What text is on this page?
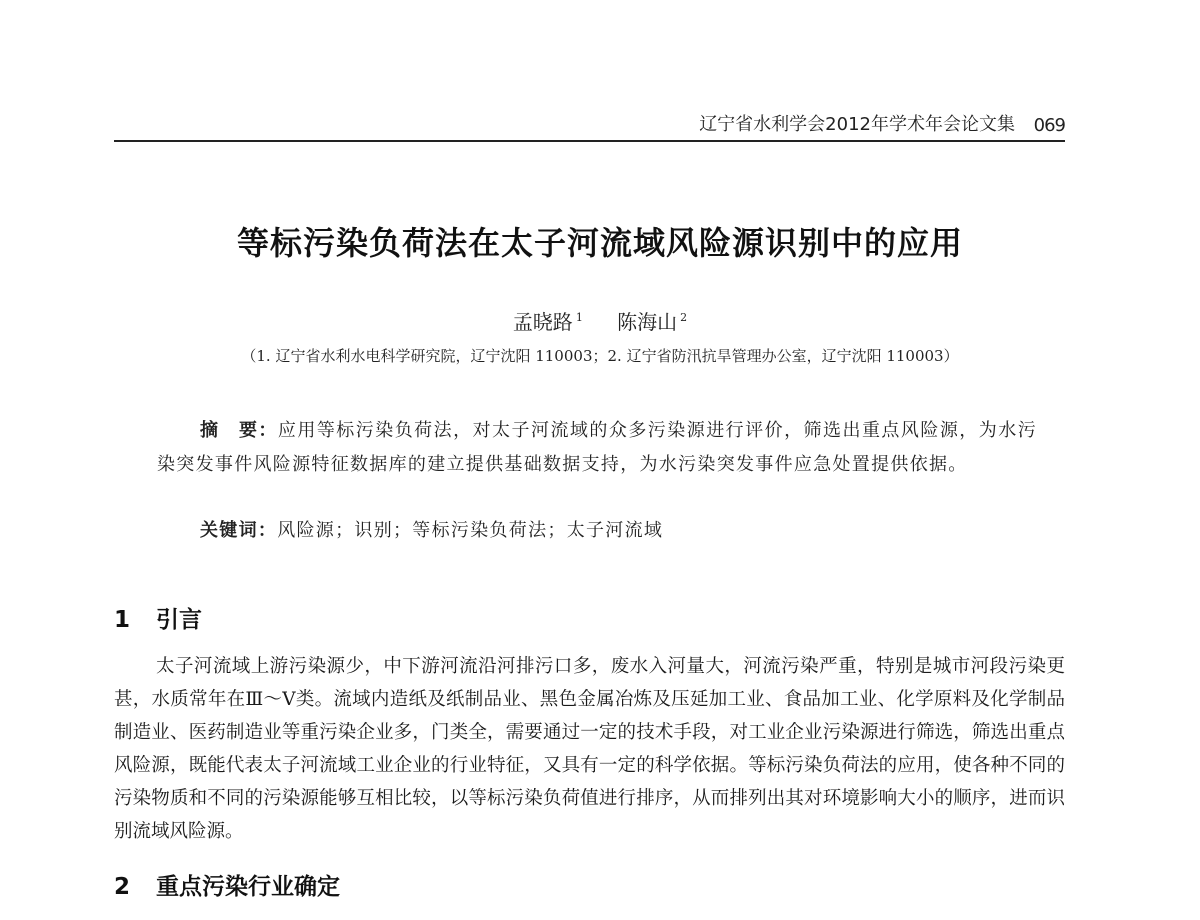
辽宁省水利学会2012年学术年会论文集 069
等标污染负荷法在太子河流域风险源识别中的应用
孟晓路 $^1$ 陈海山 $^2$
（1. 辽宁省水利水电科学研究院，辽宁沈阳 110003；2. 辽宁省防汛抗旱管理办公室，辽宁沈阳 110003）
摘　要：应用等标污染负荷法，对太子河流域的众多污染源进行评价，筛选出重点风险源，为水污染突发事件风险源特征数据库的建立提供基础数据支持，为水污染突发事件应急处置提供依据。
关键词：风险源；识别；等标污染负荷法；太子河流域
1 引言
太子河流域上游污染源少，中下游河流沿河排污口多，废水入河量大，河流污染严重，特别是城市河段污染更甚，水质常年在Ⅲ～Ⅴ类。流域内造纸及纸制品业、黑色金属冶炼及压延加工业、食品加工业、化学原料及化学制品制造业、医药制造业等重污染企业多，门类全，需要通过一定的技术手段，对工业企业污染源进行筛选，筛选出重点风险源，既能代表太子河流域工业企业的行业特征，又具有一定的科学依据。等标污染负荷法的应用，使各种不同的污染物质和不同的污染源能够互相比较，以等标污染负荷值进行排序，从而排列出其对环境影响大小的顺序，进而识别流域风险源。
2 重点污染行业确定
